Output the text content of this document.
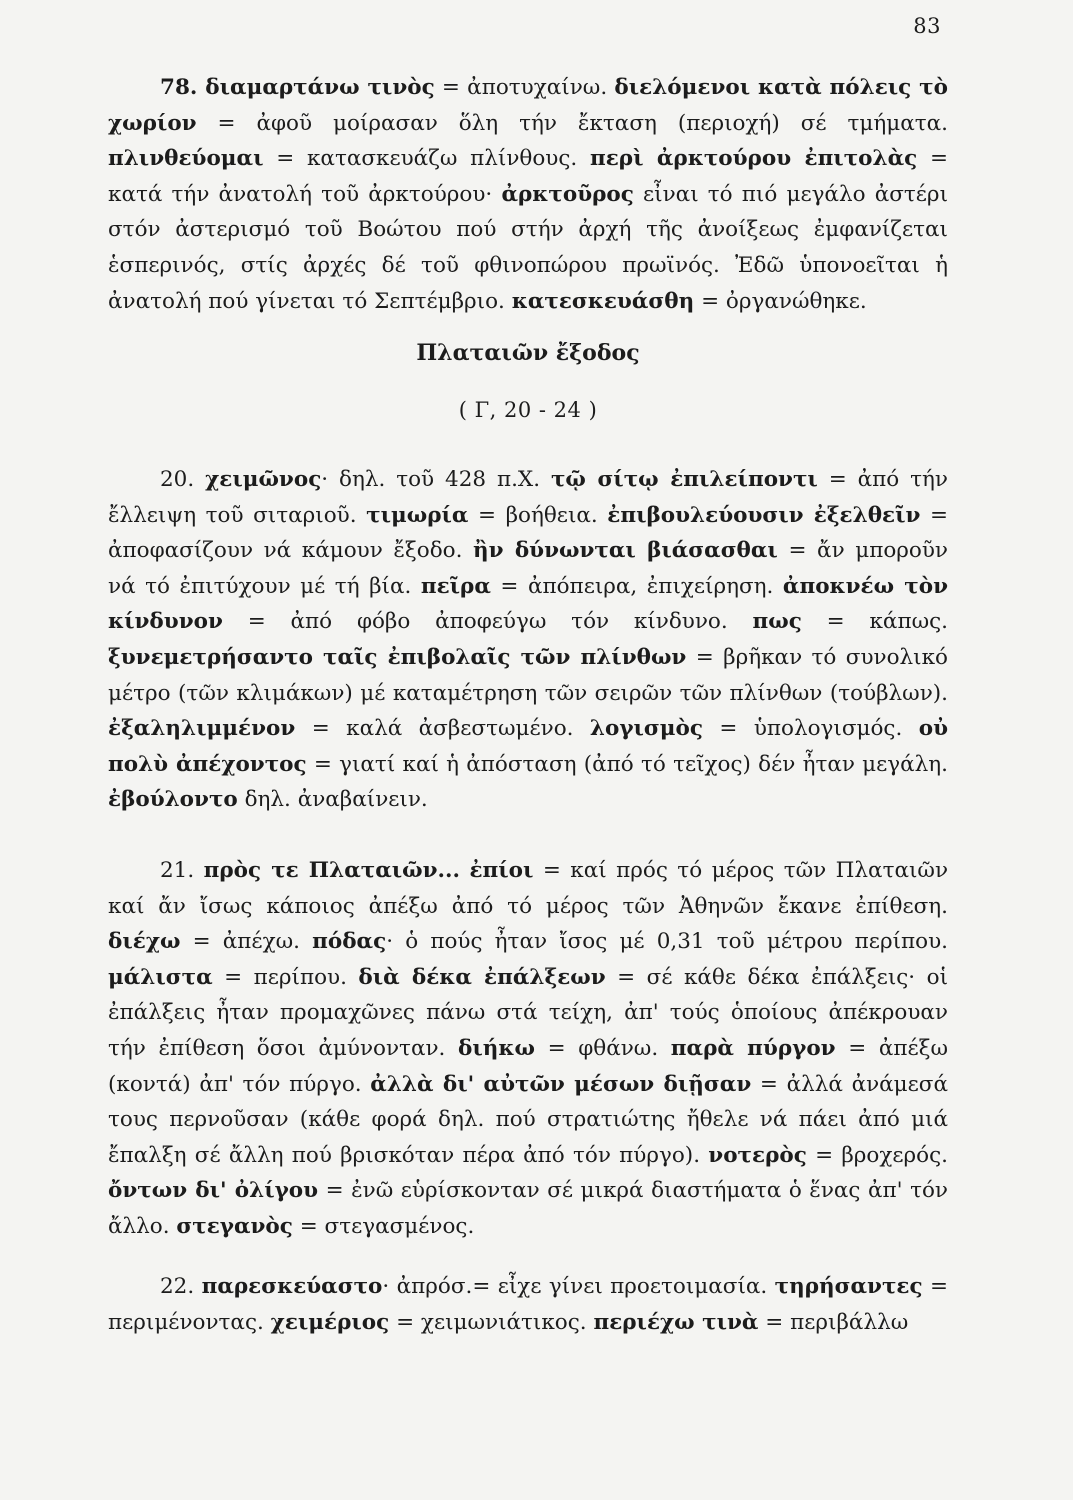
83

78. διαμαρτάνω τινὸς = ἀποτυχαίνω. διελόμενοι κατὰ πόλεις τὸ χωρίον = ἀφοῦ μοίρασαν ὅλη τήν ἔκταση (περιοχή) σέ τμήματα. πλινθεύομαι = κατασκευάζω πλίνθους. περὶ ἀρκτούρου ἐπιτολὰς = κατά τήν ἀνατολή τοῦ ἀρκτούρου· ἀρκτοῦρος εἶναι τό πιό μεγάλο ἀστέρι στόν ἀστερισμό τοῦ Βοώτου πού στήν ἀρχή τῆς ἀνοίξεως ἐμφανίζεται ἑσπερινός, στίς ἀρχές δέ τοῦ φθινοπώρου πρωϊνός. Ἐδῶ ὑπονοεῖται ἡ ἀνατολή πού γίνεται τό Σεπτέμβριο. κατεσκευάσθη = ὀργανώθηκε.

Πλαταιῶν ἔξοδος
( Γ, 20 - 24 )

20. χειμῶνος· δηλ. τοῦ 428 π.Χ. τῷ σίτῳ ἐπιλείποντι = ἀπό τήν ἔλλειψη τοῦ σιταριοῦ. τιμωρία = βοήθεια. ἐπιβουλεύουσιν ἐξελθεῖν = ἀποφασίζουν νά κάμουν ἔξοδο. ἢν δύνωνται βιάσασθαι = ἄν μποροῦν νά τό ἐπιτύχουν μέ τή βία. πεῖρα = ἀπόπειρα, ἐπιχείρηση. ἀποκνέω τὸν κίνδυνον = ἀπό φόβο ἀποφεύγω τόν κίνδυνο. πως = κάπως. ξυνεμετρήσαντο ταῖς ἐπιβολαῖς τῶν πλίνθων = βρῆκαν τό συνολικό μέτρο (τῶν κλιμάκων) μέ καταμέτρηση τῶν σειρῶν τῶν πλίνθων (τούβλων). ἐξαληλιμμένον = καλά ἀσβεστωμένο. λογισμὸς = ὑπολογισμός. οὐ πολὺ ἀπέχοντος = γιατί καί ἡ ἀπόσταση (ἀπό τό τεῖχος) δέν ἦταν μεγάλη. ἐβούλοντο δηλ. ἀναβαίνειν.

21. πρὸς τε Πλαταιῶν... ἐπίοι = καί πρός τό μέρος τῶν Πλαταιῶν καί ἄν ἴσως κάποιος ἀπέξω ἀπό τό μέρος τῶν Ἀθηνῶν ἔκανε ἐπίθεση. διέχω = ἀπέχω. πόδας· ὁ πούς ἦταν ἴσος μέ 0,31 τοῦ μέτρου περίπου. μάλιστα = περίπου. διὰ δέκα ἐπάλξεων = σέ κάθε δέκα ἐπάλξεις· οἱ ἐπάλξεις ἦταν προμαχῶνες πάνω στά τείχη, ἀπ' τούς ὁποίους ἀπέκρουαν τήν ἐπίθεση ὅσοι ἀμύνονταν. διήκω = φθάνω. παρὰ πύργον = ἀπέξω (κοντά) ἀπ' τόν πύργο. ἀλλὰ δι' αὐτῶν μέσων διῇσαν = ἀλλά ἀνάμεσά τους περνοῦσαν (κάθε φορά δηλ. πού στρατιώτης ἤθελε νά πάει ἀπό μιά ἔπαλξη σέ ἄλλη πού βρισκόταν πέρα ἀπό τόν πύργο). νοτερὸς = βροχερός. ὄντων δι' ὀλίγου = ἐνῶ εὑρίσκονταν σέ μικρά διαστήματα ὁ ἕνας ἀπ' τόν ἄλλο. στεγανὸς = στεγασμένος.

22. παρεσκεύαστο· ἀπρόσ.= εἶχε γίνει προετοιμασία. τηρήσαντες = περιμένοντας. χειμέριος = χειμωνιάτικος. περιέχω τινὰ = περιβάλλω
